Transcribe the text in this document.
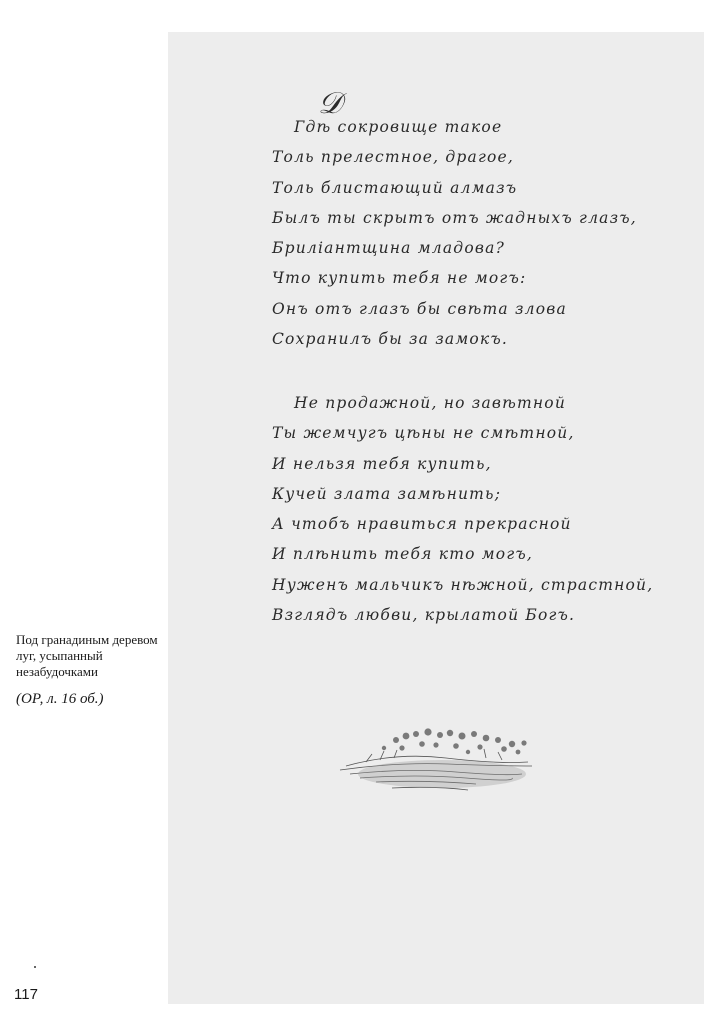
𝒟
Гдѣ сокровище такое
Толь прелестное, драгое,
Толь блистающий алмазъ
Былъ ты скрытъ отъ жадныхъ глазъ,
Бриліантщина младова?
Что купить тебя не могъ:
Онъ отъ глазъ бы свѣта злова
Сохранилъ бы за замокъ.
Не продажной, но завѣтной
Ты жемчугъ цѣны не смѣтной,
И нельзя тебя купить,
Кучей злата замѣнить;
А чтобъ нравиться прекрасной
И плѣнить тебя кто могъ,
Нуженъ мальчикъ нѣжной, страстной,
Взглядъ любви, крылатой Богъ.
Под гранадиным деревом луг, усыпанный незабудочками
(ОР, л. 16 об.)
117
